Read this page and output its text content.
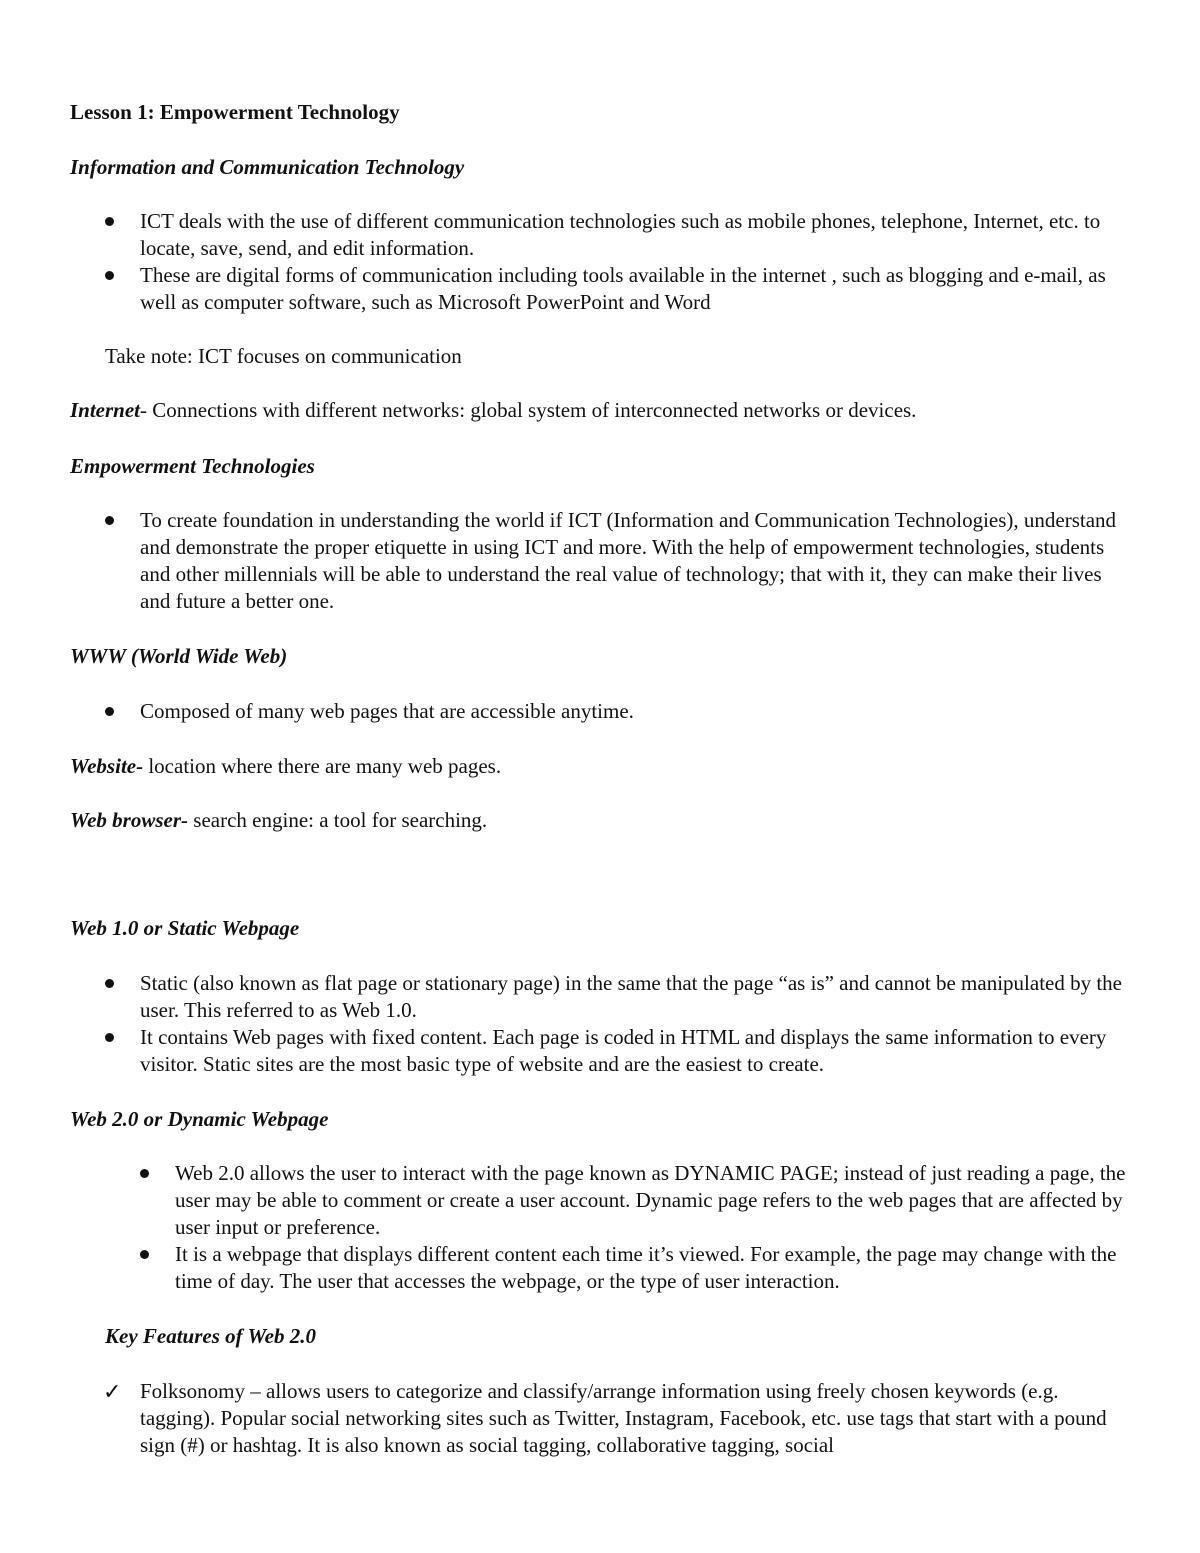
Lesson 1: Empowerment Technology

Information and Communication Technology

ICT deals with the use of different communication technologies such as mobile phones, telephone, Internet, etc. to locate, save, send, and edit information.

These are digital forms of communication including tools available in the internet , such as blogging and e-mail, as well as computer software, such as Microsoft PowerPoint and Word

Take note: ICT focuses on communication

Internet- Connections with different networks: global system of interconnected networks or devices.

Empowerment Technologies

To create foundation in understanding the world if ICT (Information and Communication Technologies), understand and demonstrate the proper etiquette in using ICT and more. With the help of empowerment technologies, students and other millennials will be able to understand the real value of technology; that with it, they can make their lives and future a better one.

WWW (World Wide Web)

Composed of many web pages that are accessible anytime.

Website- location where there are many web pages.

Web browser- search engine: a tool for searching.

Web 1.0 or Static Webpage

Static (also known as flat page or stationary page) in the same that the page “as is” and cannot be manipulated by the user. This referred to as Web 1.0.

It contains Web pages with fixed content. Each page is coded in HTML and displays the same information to every visitor. Static sites are the most basic type of website and are the easiest to create.

Web 2.0 or Dynamic Webpage

Web 2.0 allows the user to interact with the page known as DYNAMIC PAGE; instead of just reading a page, the user may be able to comment or create a user account. Dynamic page refers to the web pages that are affected by user input or preference.

It is a webpage that displays different content each time it’s viewed. For example, the page may change with the time of day. The user that accesses the webpage, or the type of user interaction.

Key Features of Web 2.0

✓ Folksonomy – allows users to categorize and classify/arrange information using freely chosen keywords (e.g. tagging). Popular social networking sites such as Twitter, Instagram, Facebook, etc. use tags that start with a pound sign (#) or hashtag. It is also known as social tagging, collaborative tagging, social
